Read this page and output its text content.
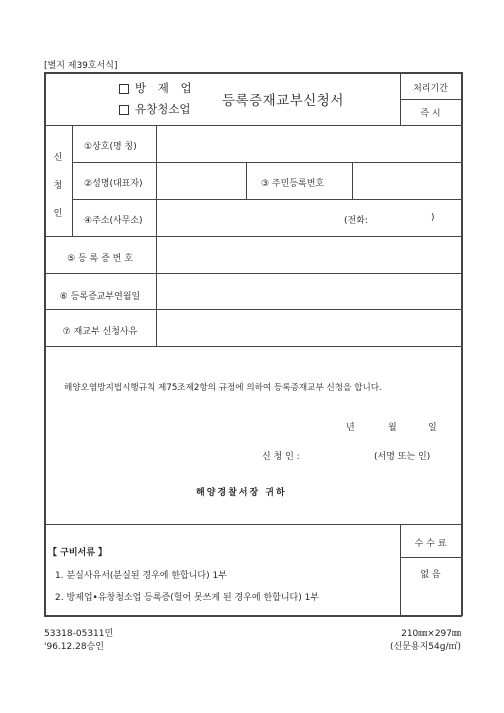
[별지 제39호서식]
방 제 업
유창청소업 등록증재교부신청서
처리기간
즉 시
신
청
인
①상호(명 칭)
②성명(대표자)	③ 주민등록번호
④주소(사무소)	(전화:	)
⑤ 등 록 증 번 호
⑥ 등록증교부연월일
⑦ 재교부 신청사유
해양오염방지법시행규칙 제75조제2항의 규정에 의하여 등록증재교부 신청을 합니다.
년	월	일
신 청 인 :	(서명 또는 인)
해양경찰서장 귀하
수 수 료
없 음
【 구비서류 】
1. 분실사유서(분실된 경우에 한합니다) 1부
2. 방제업•유창청소업 등록증(헐어 못쓰게 된 경우에 한합니다) 1부
53318-05311민
'96.12.28승인
210㎜×297㎜
(신문용지54g/㎡)
